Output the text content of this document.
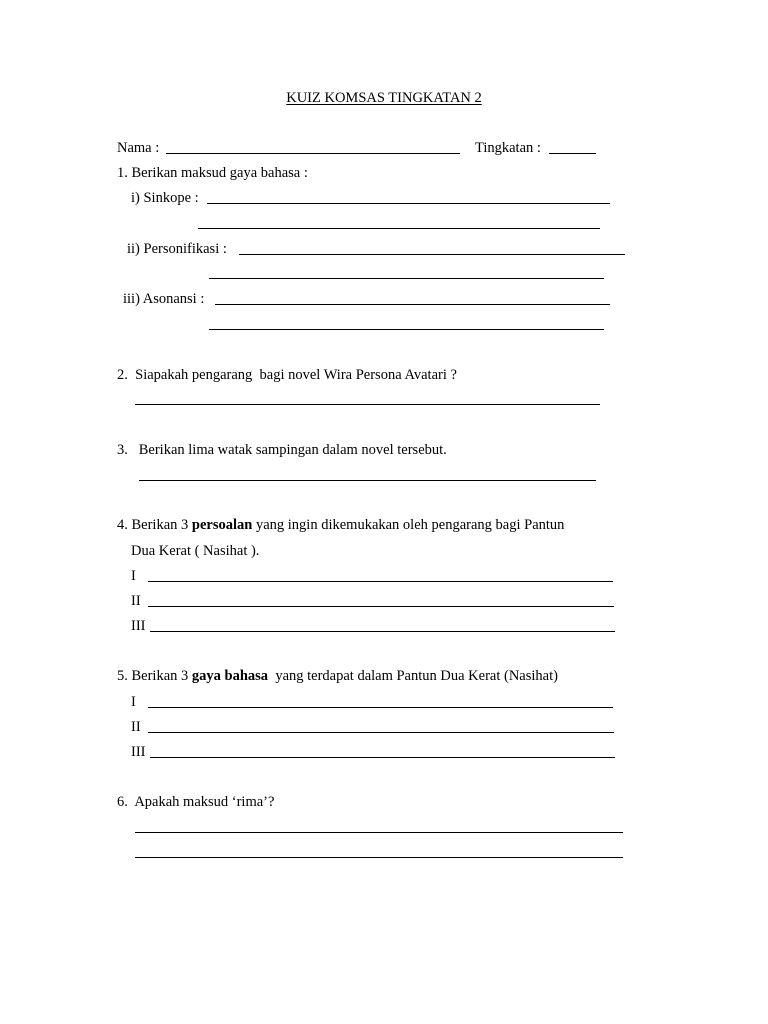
KUIZ KOMSAS TINGKATAN 2
Nama :	Tingkatan :
1. Berikan maksud gaya bahasa :
i) Sinkope :
ii) Personifikasi :
iii) Asonansi :
2.  Siapakah pengarang  bagi novel Wira Persona Avatari ?
3.   Berikan lima watak sampingan dalam novel tersebut.
4. Berikan 3 persoalan yang ingin dikemukakan oleh pengarang bagi Pantun
Dua Kerat ( Nasihat ).
I
II
III
5. Berikan 3 gaya bahasa  yang terdapat dalam Pantun Dua Kerat (Nasihat)
I
II
III
6.  Apakah maksud ‘rima’?
